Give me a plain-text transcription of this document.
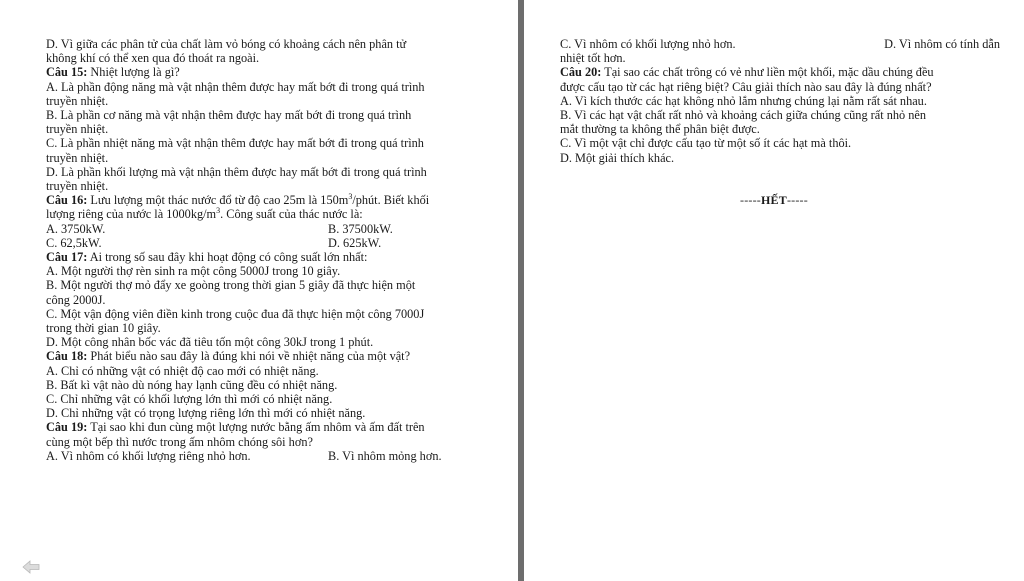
D. Vì giữa các phân tử của chất làm vỏ bóng có khoảng cách nên phân tử

không khí có thể xen qua đó thoát ra ngoài.

Câu 15: Nhiệt lượng là gì?

A. Là phần động năng mà vật nhận thêm được hay mất bớt đi trong quá trình

truyền nhiệt.

B. Là phần cơ năng mà vật nhận thêm được hay mất bớt đi trong quá trình

truyền nhiệt.

C. Là phần nhiệt năng mà vật nhận thêm được hay mất bớt đi trong quá trình

truyền nhiệt.

D. Là phần khối lượng mà vật nhận thêm được hay mất bớt đi trong quá trình

truyền nhiệt.

Câu 16: Lưu lượng một thác nước đổ từ độ cao 25m là $150m^3$/phút. Biết khối

lượng riêng của nước là $1000kg/m^3$. Công suất của thác nước là:

A. 3750kW.	B. 37500kW.
C. 62,5kW.	D. 625kW.

Câu 17: Ai trong số sau đây khi hoạt động có công suất lớn nhất:

A. Một người thợ rèn sinh ra một công 5000J trong 10 giây.

B. Một người thợ mỏ đẩy xe goòng trong thời gian 5 giây đã thực hiện một

công 2000J.

C. Một vận động viên điền kinh trong cuộc đua đã thực hiện một công 7000J

trong thời gian 10 giây.

D. Một công nhân bốc vác đã tiêu tốn một công 30kJ trong 1 phút.

Câu 18: Phát biểu nào sau đây là đúng khi nói về nhiệt năng của một vật?

A. Chỉ có những vật có nhiệt độ cao mới có nhiệt năng.

B. Bất kì vật nào dù nóng hay lạnh cũng đều có nhiệt năng.

C. Chỉ những vật có khối lượng lớn thì mới có nhiệt năng.

D. Chỉ những vật có trọng lượng riêng lớn thì mới có nhiệt năng.

Câu 19: Tại sao khi đun cùng một lượng nước bằng ấm nhôm và ấm đất trên

cùng một bếp thì nước trong ấm nhôm chóng sôi hơn?

A. Vì nhôm có khối lượng riêng nhỏ hơn.	B. Vì nhôm mỏng hơn.
C. Vì nhôm có khối lượng nhỏ hơn.	D. Vì nhôm có tính dẫn

nhiệt tốt hơn.

Câu 20: Tại sao các chất trông có vẻ như liền một khối, mặc dầu chúng đều

được cấu tạo từ các hạt riêng biệt? Câu giải thích nào sau đây là đúng nhất?

A. Vì kích thước các hạt không nhỏ lắm nhưng chúng lại nằm rất sát nhau.

B. Vì các hạt vật chất rất nhỏ và khoảng cách giữa chúng cũng rất nhỏ nên

mắt thường ta không thể phân biệt được.

C. Vì một vật chỉ được cấu tạo từ một số ít các hạt mà thôi.

D. Một giải thích khác.

-----HẾT-----
